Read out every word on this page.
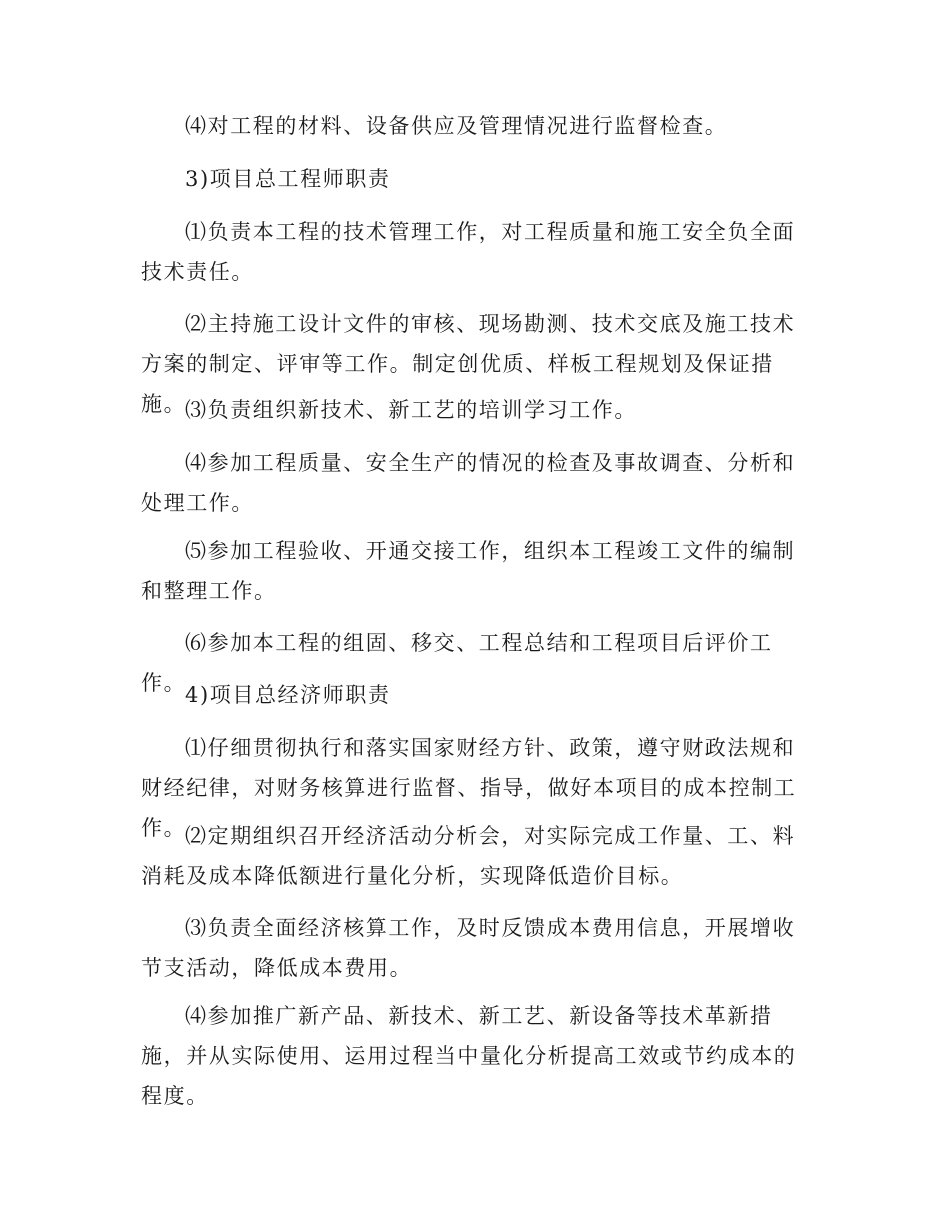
⑷对工程的材料、设备供应及管理情况进行监督检查。

3)项目总工程师职责

⑴负责本工程的技术管理工作，对工程质量和施工安全负全面技术责任。

⑵主持施工设计文件的审核、现场勘测、技术交底及施工技术方案的制定、评审等工作。制定创优质、样板工程规划及保证措施。

⑶负责组织新技术、新工艺的培训学习工作。

⑷参加工程质量、安全生产的情况的检查及事故调查、分析和处理工作。

⑸参加工程验收、开通交接工作，组织本工程竣工文件的编制和整理工作。

⑹参加本工程的组固、移交、工程总结和工程项目后评价工作。

4)项目总经济师职责

⑴仔细贯彻执行和落实国家财经方针、政策，遵守财政法规和财经纪律，对财务核算进行监督、指导，做好本项目的成本控制工作。

⑵定期组织召开经济活动分析会，对实际完成工作量、工、料消耗及成本降低额进行量化分析，实现降低造价目标。

⑶负责全面经济核算工作，及时反馈成本费用信息，开展增收节支活动，降低成本费用。

⑷参加推广新产品、新技术、新工艺、新设备等技术革新措施，并从实际使用、运用过程当中量化分析提高工效或节约成本的程度。
